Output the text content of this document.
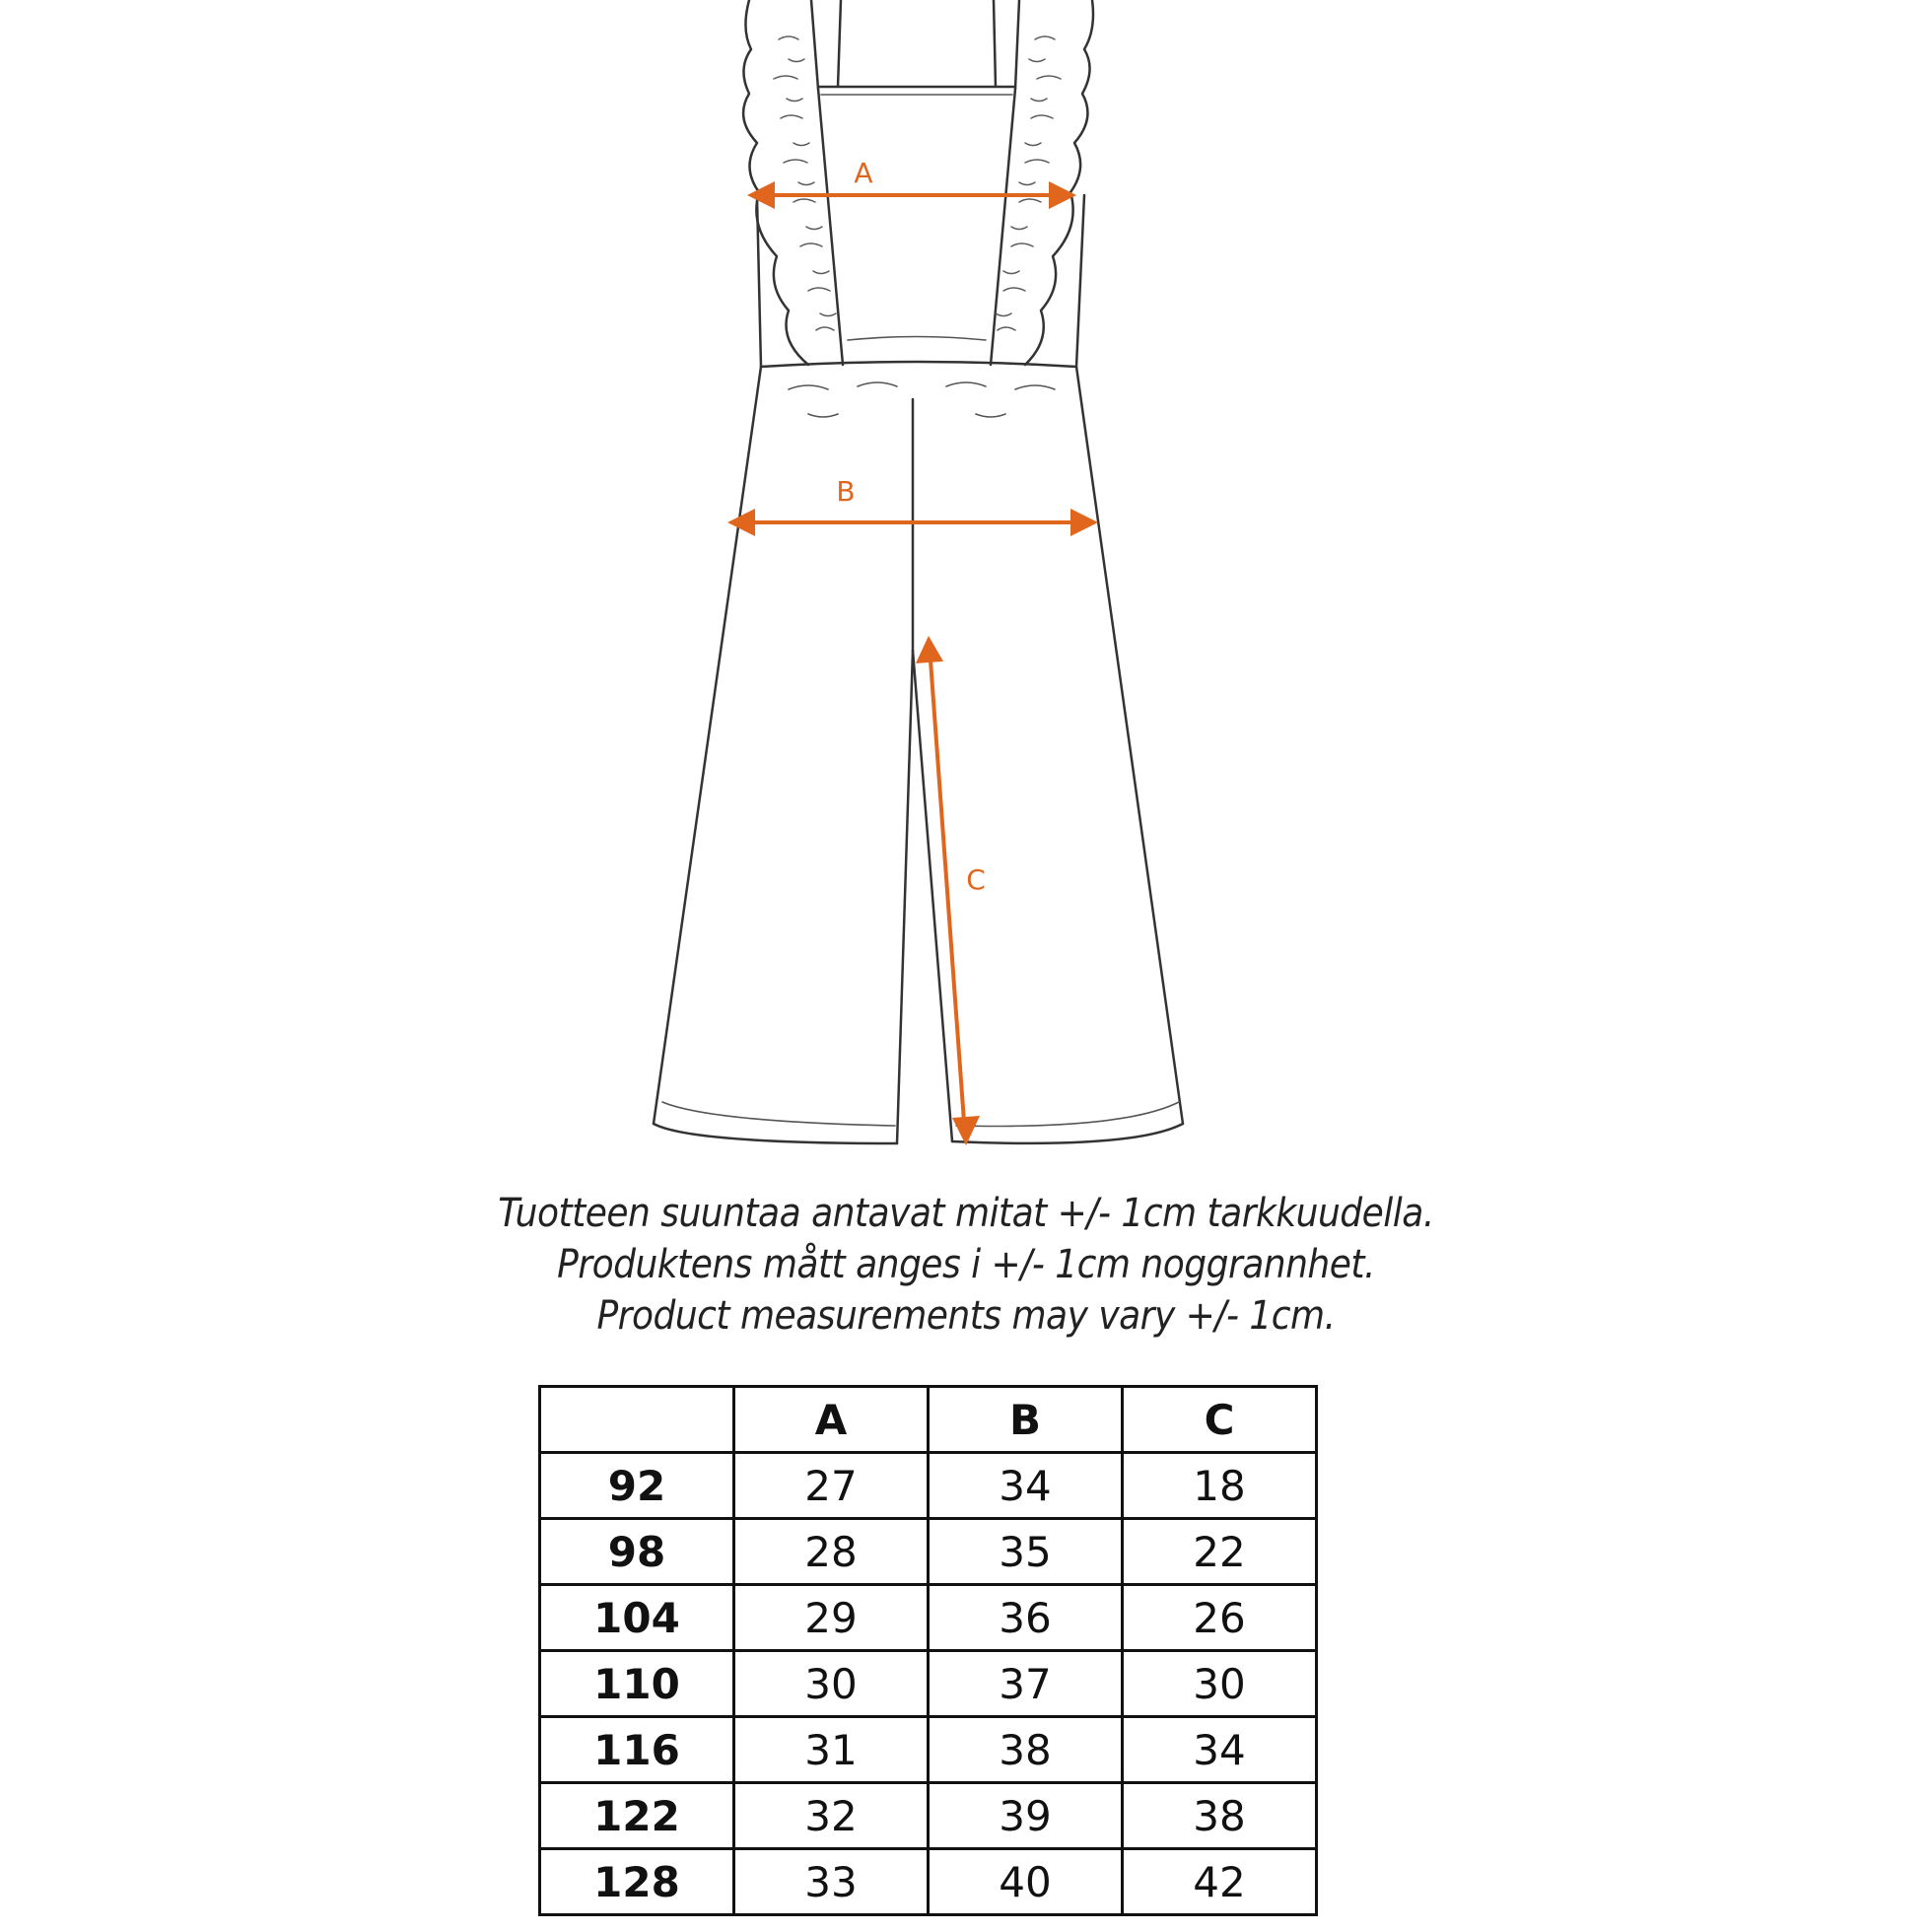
A
B
C
Tuotteen suuntaa antavat mitat +/- 1cm tarkkuudella.
Produktens mått anges i +/- 1cm noggrannhet.
Product measurements may vary +/- 1cm.
	A	B	C
92	27	34	18
98	28	35	22
104	29	36	26
110	30	37	30
116	31	38	34
122	32	39	38
128	33	40	42
